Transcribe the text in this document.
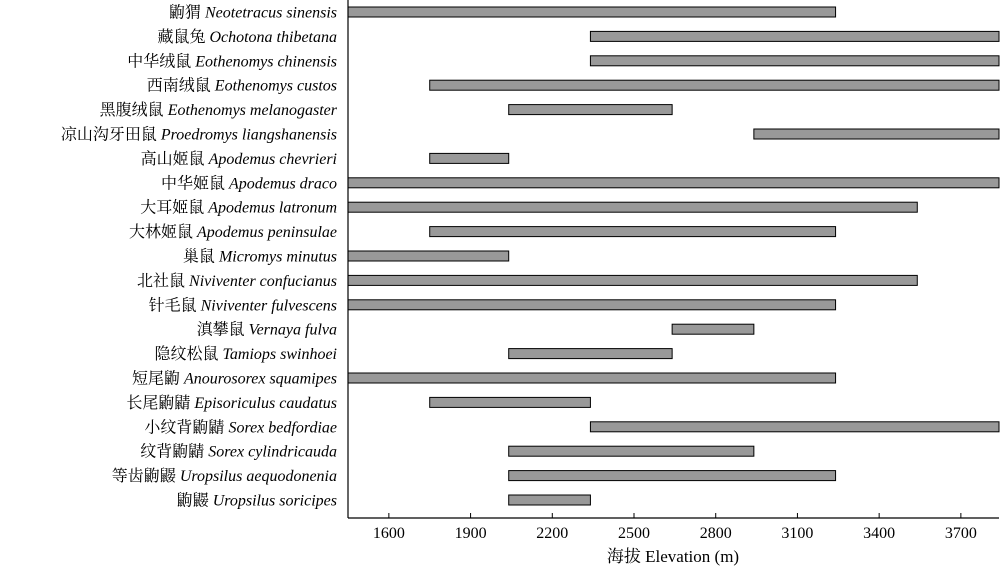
鼩猬 Neotetracus sinensis
藏鼠兔 Ochotona thibetana
中华绒鼠 Eothenomys chinensis
西南绒鼠 Eothenomys custos
黑腹绒鼠 Eothenomys melanogaster
凉山沟牙田鼠 Proedromys liangshanensis
高山姬鼠 Apodemus chevrieri
中华姬鼠 Apodemus draco
大耳姬鼠 Apodemus latronum
大林姬鼠 Apodemus peninsulae
巢鼠 Micromys minutus
北社鼠 Niviventer confucianus
针毛鼠 Niviventer fulvescens
滇攀鼠 Vernaya fulva
隐纹松鼠 Tamiops swinhoei
短尾鼩 Anourosorex squamipes
长尾鼩鼱 Episoriculus caudatus
小纹背鼩鼱 Sorex bedfordiae
纹背鼩鼱 Sorex cylindricauda
等齿鼩鼹 Uropsilus aequodonenia
鼩鼹 Uropsilus soricipes
1600	1900	2200	2500	2800	3100	3400	3700
海拔 Elevation (m)
